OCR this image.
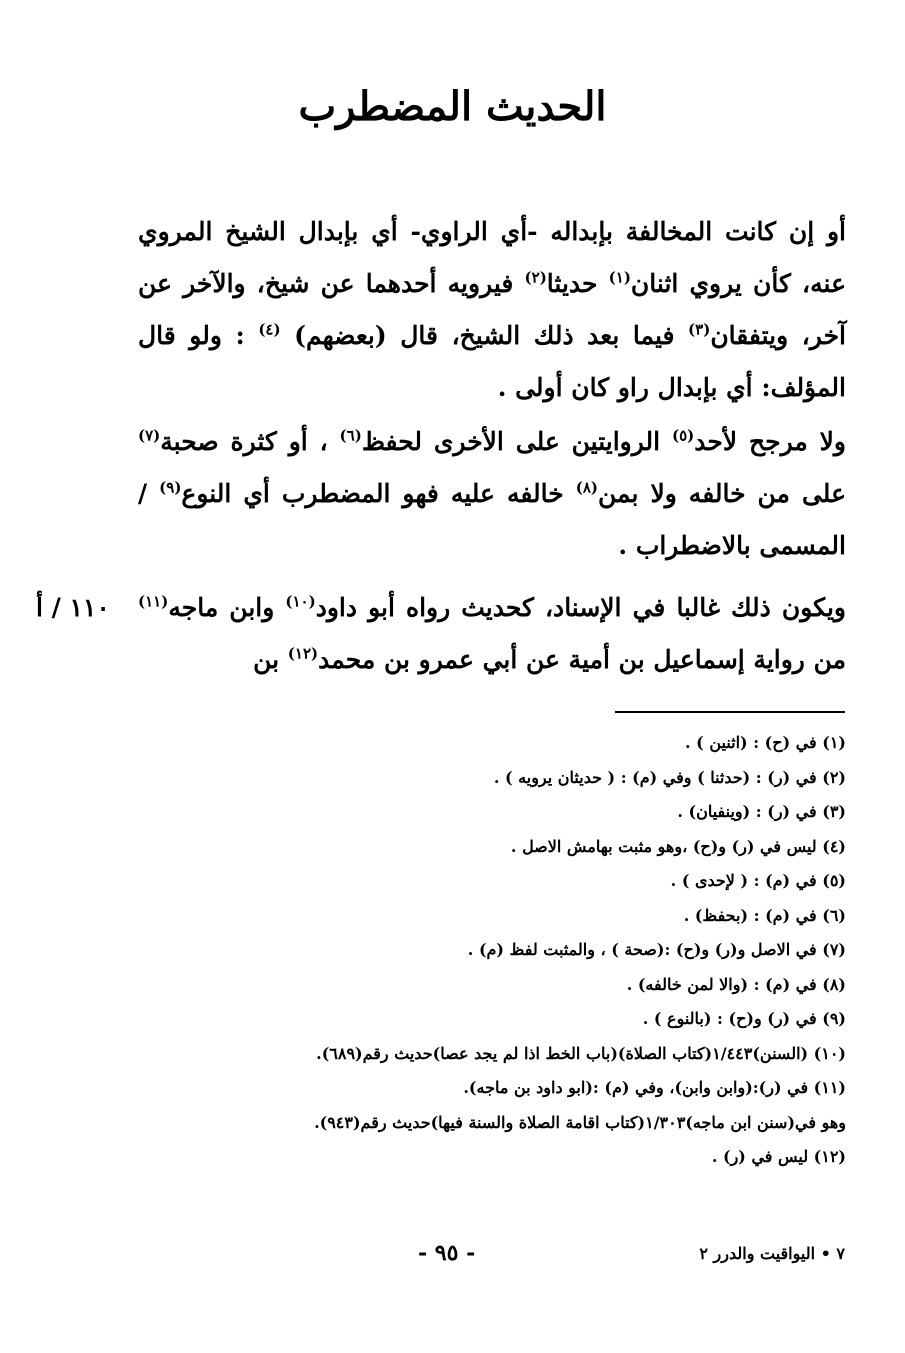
الحديث المضطرب

أو إن كانت المخالفة بإبداله -أي الراوي- أي بإبدال الشيخ المروي عنه، كأن يروي اثنان$^{(١)}$ حديثا$^{(٢)}$ فيرويه أحدهما عن شيخ، والآخر عن آخر، ويتفقان$^{(٣)}$ فيما بعد ذلك الشيخ، قال (بعضهم) $^{(٤)}$ : ولو قال المؤلف: أي بإبدال راو كان أولى .

ولا مرجح لأحد$^{(٥)}$ الروايتين على الأخرى لحفظ$^{(٦)}$ ، أو كثرة صحبة$^{(٧)}$ على من خالفه ولا بمن$^{(٨)}$ خالفه عليه فهو المضطرب أي النوع$^{(٩)}$ /المسمى بالاضطراب .

ويكون ذلك غالبا في الإسناد، كحديث رواه أبو داود$^{(١٠)}$ وابن ماجه$^{(١١)}$ من رواية إسماعيل بن أمية عن أبي عمرو بن محمد$^{(١٢)}$ بن

١١٠ / أ

(١) في (ح) : (اثنين ) .

(٢) في (ر) : (حدثنا ) وفي (م) : ( حديثان يرويه ) .

(٣) في (ر) : (وينفيان) .

(٤) ليس في (ر) و(ح) ،وهو مثبت بهامش الاصل .

(٥) في (م) : ( لإحدى ) .

(٦) في (م) : (بحفظ) .

(٧) في الاصل و(ر) و(ح) :(صحة ) ، والمثبت لفظ (م) .

(٨) في (م) : (والا لمن خالفه) .

(٩) في (ر) و(ح) : (بالنوع ) .

(١٠) (السنن)١/٤٤٣(كتاب الصلاة)(باب الخط اذا لم يجد عصا)حديث رقم(٦٨٩).

(١١) في (ر):(وابن وابن)، وفي (م) :(ابو داود بن ماجه).

وهو في(سنن ابن ماجه)١/٣٠٣(كتاب اقامة الصلاة والسنة فيها)حديث رقم(٩٤٣).

(١٢) ليس في (ر) .

- ٩٥ -	٧ • اليواقيت والدرر ٢
